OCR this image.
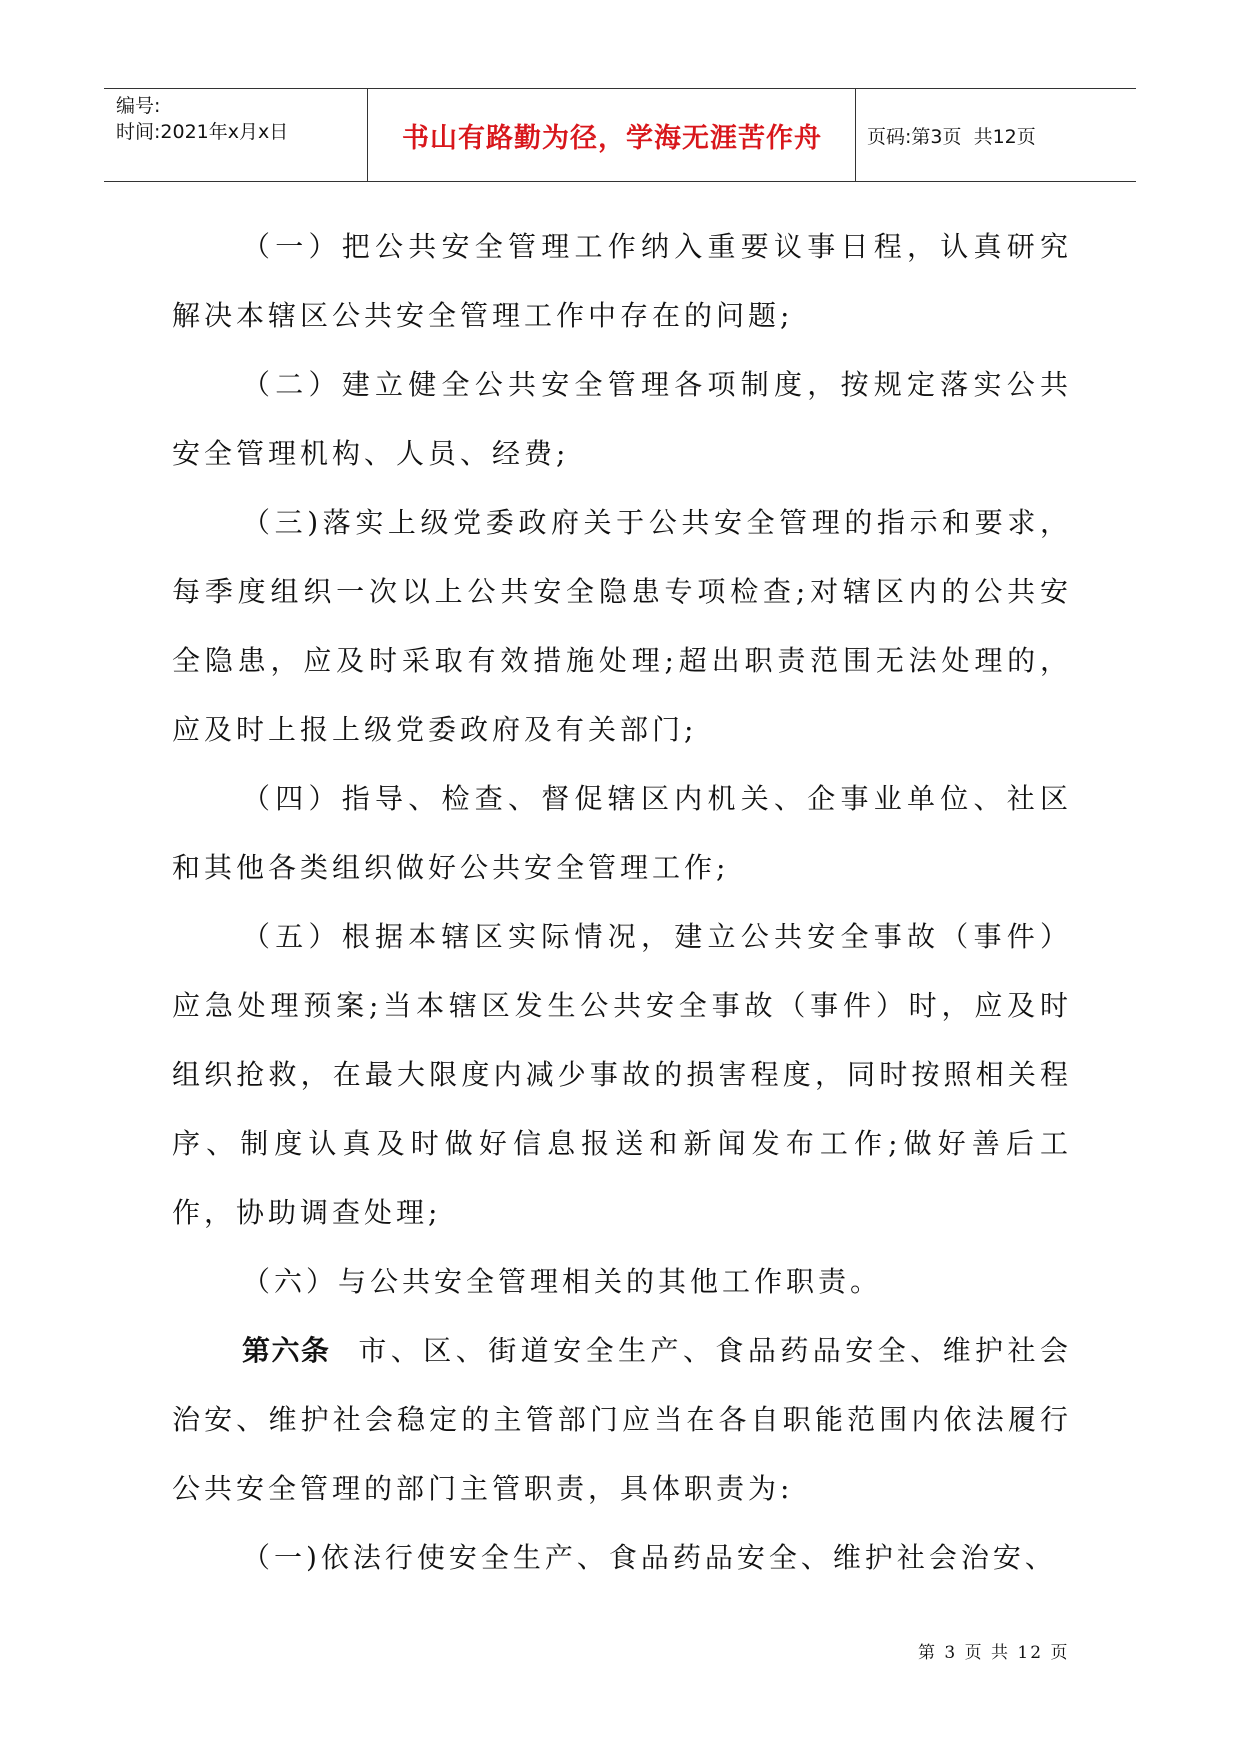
编号:
时间:2021年x月x日	书山有路勤为径，学海无涯苦作舟	页码:第3页  共12页

（一）把公共安全管理工作纳入重要议事日程，认真研究解决本辖区公共安全管理工作中存在的问题;

（二）建立健全公共安全管理各项制度，按规定落实公共安全管理机构、人员、经费;

（三)落实上级党委政府关于公共安全管理的指示和要求，每季度组织一次以上公共安全隐患专项检查;对辖区内的公共安全隐患，应及时采取有效措施处理;超出职责范围无法处理的，应及时上报上级党委政府及有关部门;

（四）指导、检查、督促辖区内机关、企事业单位、社区和其他各类组织做好公共安全管理工作;

（五）根据本辖区实际情况，建立公共安全事故（事件）应急处理预案;当本辖区发生公共安全事故（事件）时，应及时组织抢救，在最大限度内减少事故的损害程度，同时按照相关程序、制度认真及时做好信息报送和新闻发布工作;做好善后工作，协助调查处理;

（六）与公共安全管理相关的其他工作职责。

第六条 市、区、街道安全生产、食品药品安全、维护社会治安、维护社会稳定的主管部门应当在各自职能范围内依法履行公共安全管理的部门主管职责，具体职责为:

（一)依法行使安全生产、食品药品安全、维护社会治安、

第 3 页 共 12 页
